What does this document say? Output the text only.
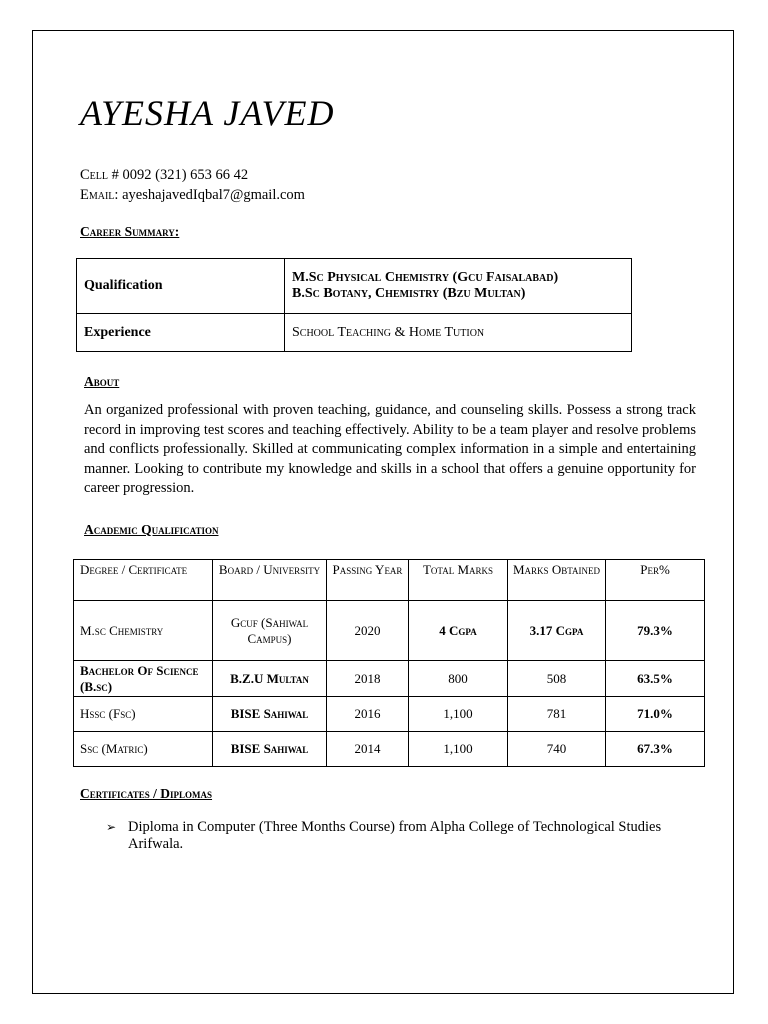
AYESHA JAVED
Cell # 0092 (321) 653 66 42
Email: ayeshajavedIqbal7@gmail.com
Career Summary:
Qualification	M.Sc Physical Chemistry (Gcu Faisalabad)
B.Sc Botany, Chemistry (Bzu Multan)

Experience	School Teaching & Home Tution
About

An organized professional with proven teaching, guidance, and counseling skills. Possess a strong track record in improving test scores and teaching effectively. Ability to be a team player and resolve problems and conflicts professionally. Skilled at communicating complex information in a simple and entertaining manner. Looking to contribute my knowledge and skills in a school that offers a genuine opportunity for career progression.

Academic Qualification
Degree / Certificate	Board / University	Passing Year	Total Marks	Marks Obtained	Per%
M.sc Chemistry	Gcuf (Sahiwal Campus)	2020	4 Cgpa	3.17 Cgpa	79.3%
Bachelor Of Science (B.sc)	B.Z.U Multan	2018	800	508	63.5%
Hssc (Fsc)	BISE Sahiwal	2016	1,100	781	71.0%
Ssc (Matric)	BISE Sahiwal	2014	1,100	740	67.3%
Certificates / Diplomas
➢ Diploma in Computer (Three Months Course) from Alpha College of Technological Studies Arifwala.
